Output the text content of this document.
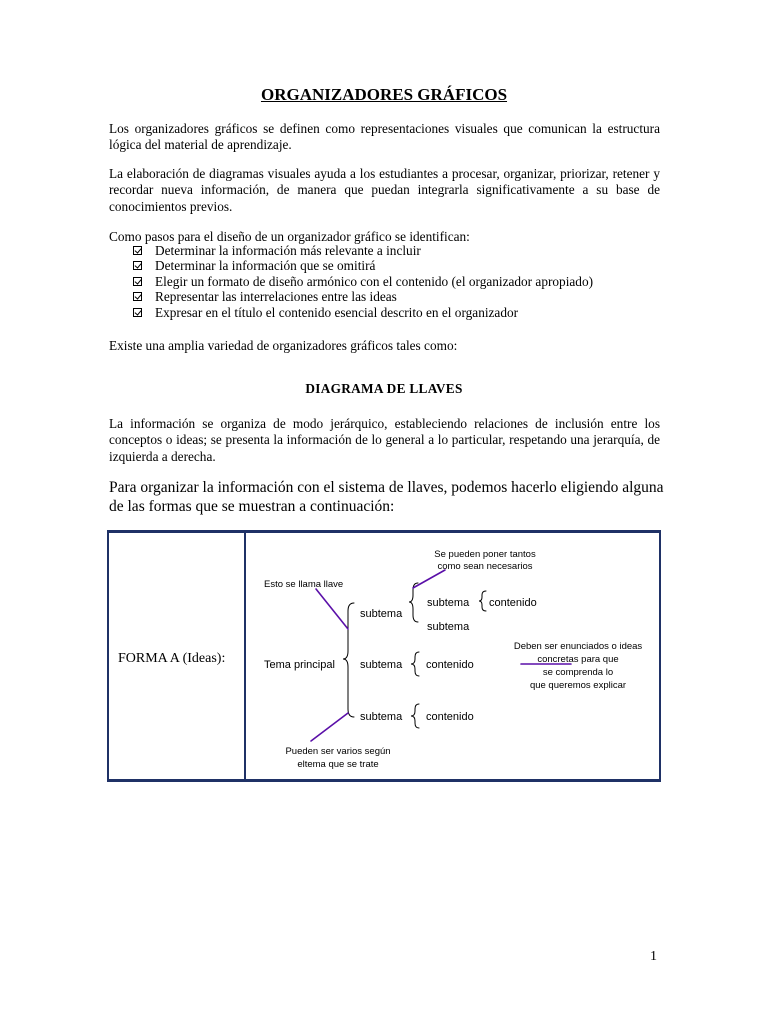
ORGANIZADORES GRÁFICOS
Los organizadores gráficos se definen como representaciones visuales que comunican la estructura lógica del material de aprendizaje.
La elaboración de diagramas visuales ayuda a los estudiantes a procesar, organizar, priorizar, retener y recordar nueva información, de manera que puedan integrarla significativamente a su base de conocimientos previos.
Como pasos para el diseño de un organizador gráfico se identifican:
Determinar la información más relevante a incluir
Determinar la información que se omitirá
Elegir un formato de diseño armónico con el contenido (el organizador apropiado)
Representar las interrelaciones entre las ideas
Expresar en el título el contenido esencial descrito en el organizador
Existe una amplia variedad de organizadores gráficos tales como:
DIAGRAMA DE LLAVES
La información se organiza de modo jerárquico, estableciendo relaciones de inclusión entre los conceptos o ideas; se presenta la información de lo general a lo particular, respetando una jerarquía, de izquierda a derecha.
Para organizar la información con el sistema de llaves, podemos hacerlo eligiendo alguna de las formas que se muestran a continuación:
FORMA A (Ideas):
Se pueden poner tantos
como sean necesarios
Esto se llama llave
Deben ser enunciados o ideas
concretas para que
se comprenda lo
que queremos explicar
Pueden ser varios según
eltema que se trate
Tema principal
subtema
subtema
subtema
subtema
subtema
contenido
contenido
contenido
1
